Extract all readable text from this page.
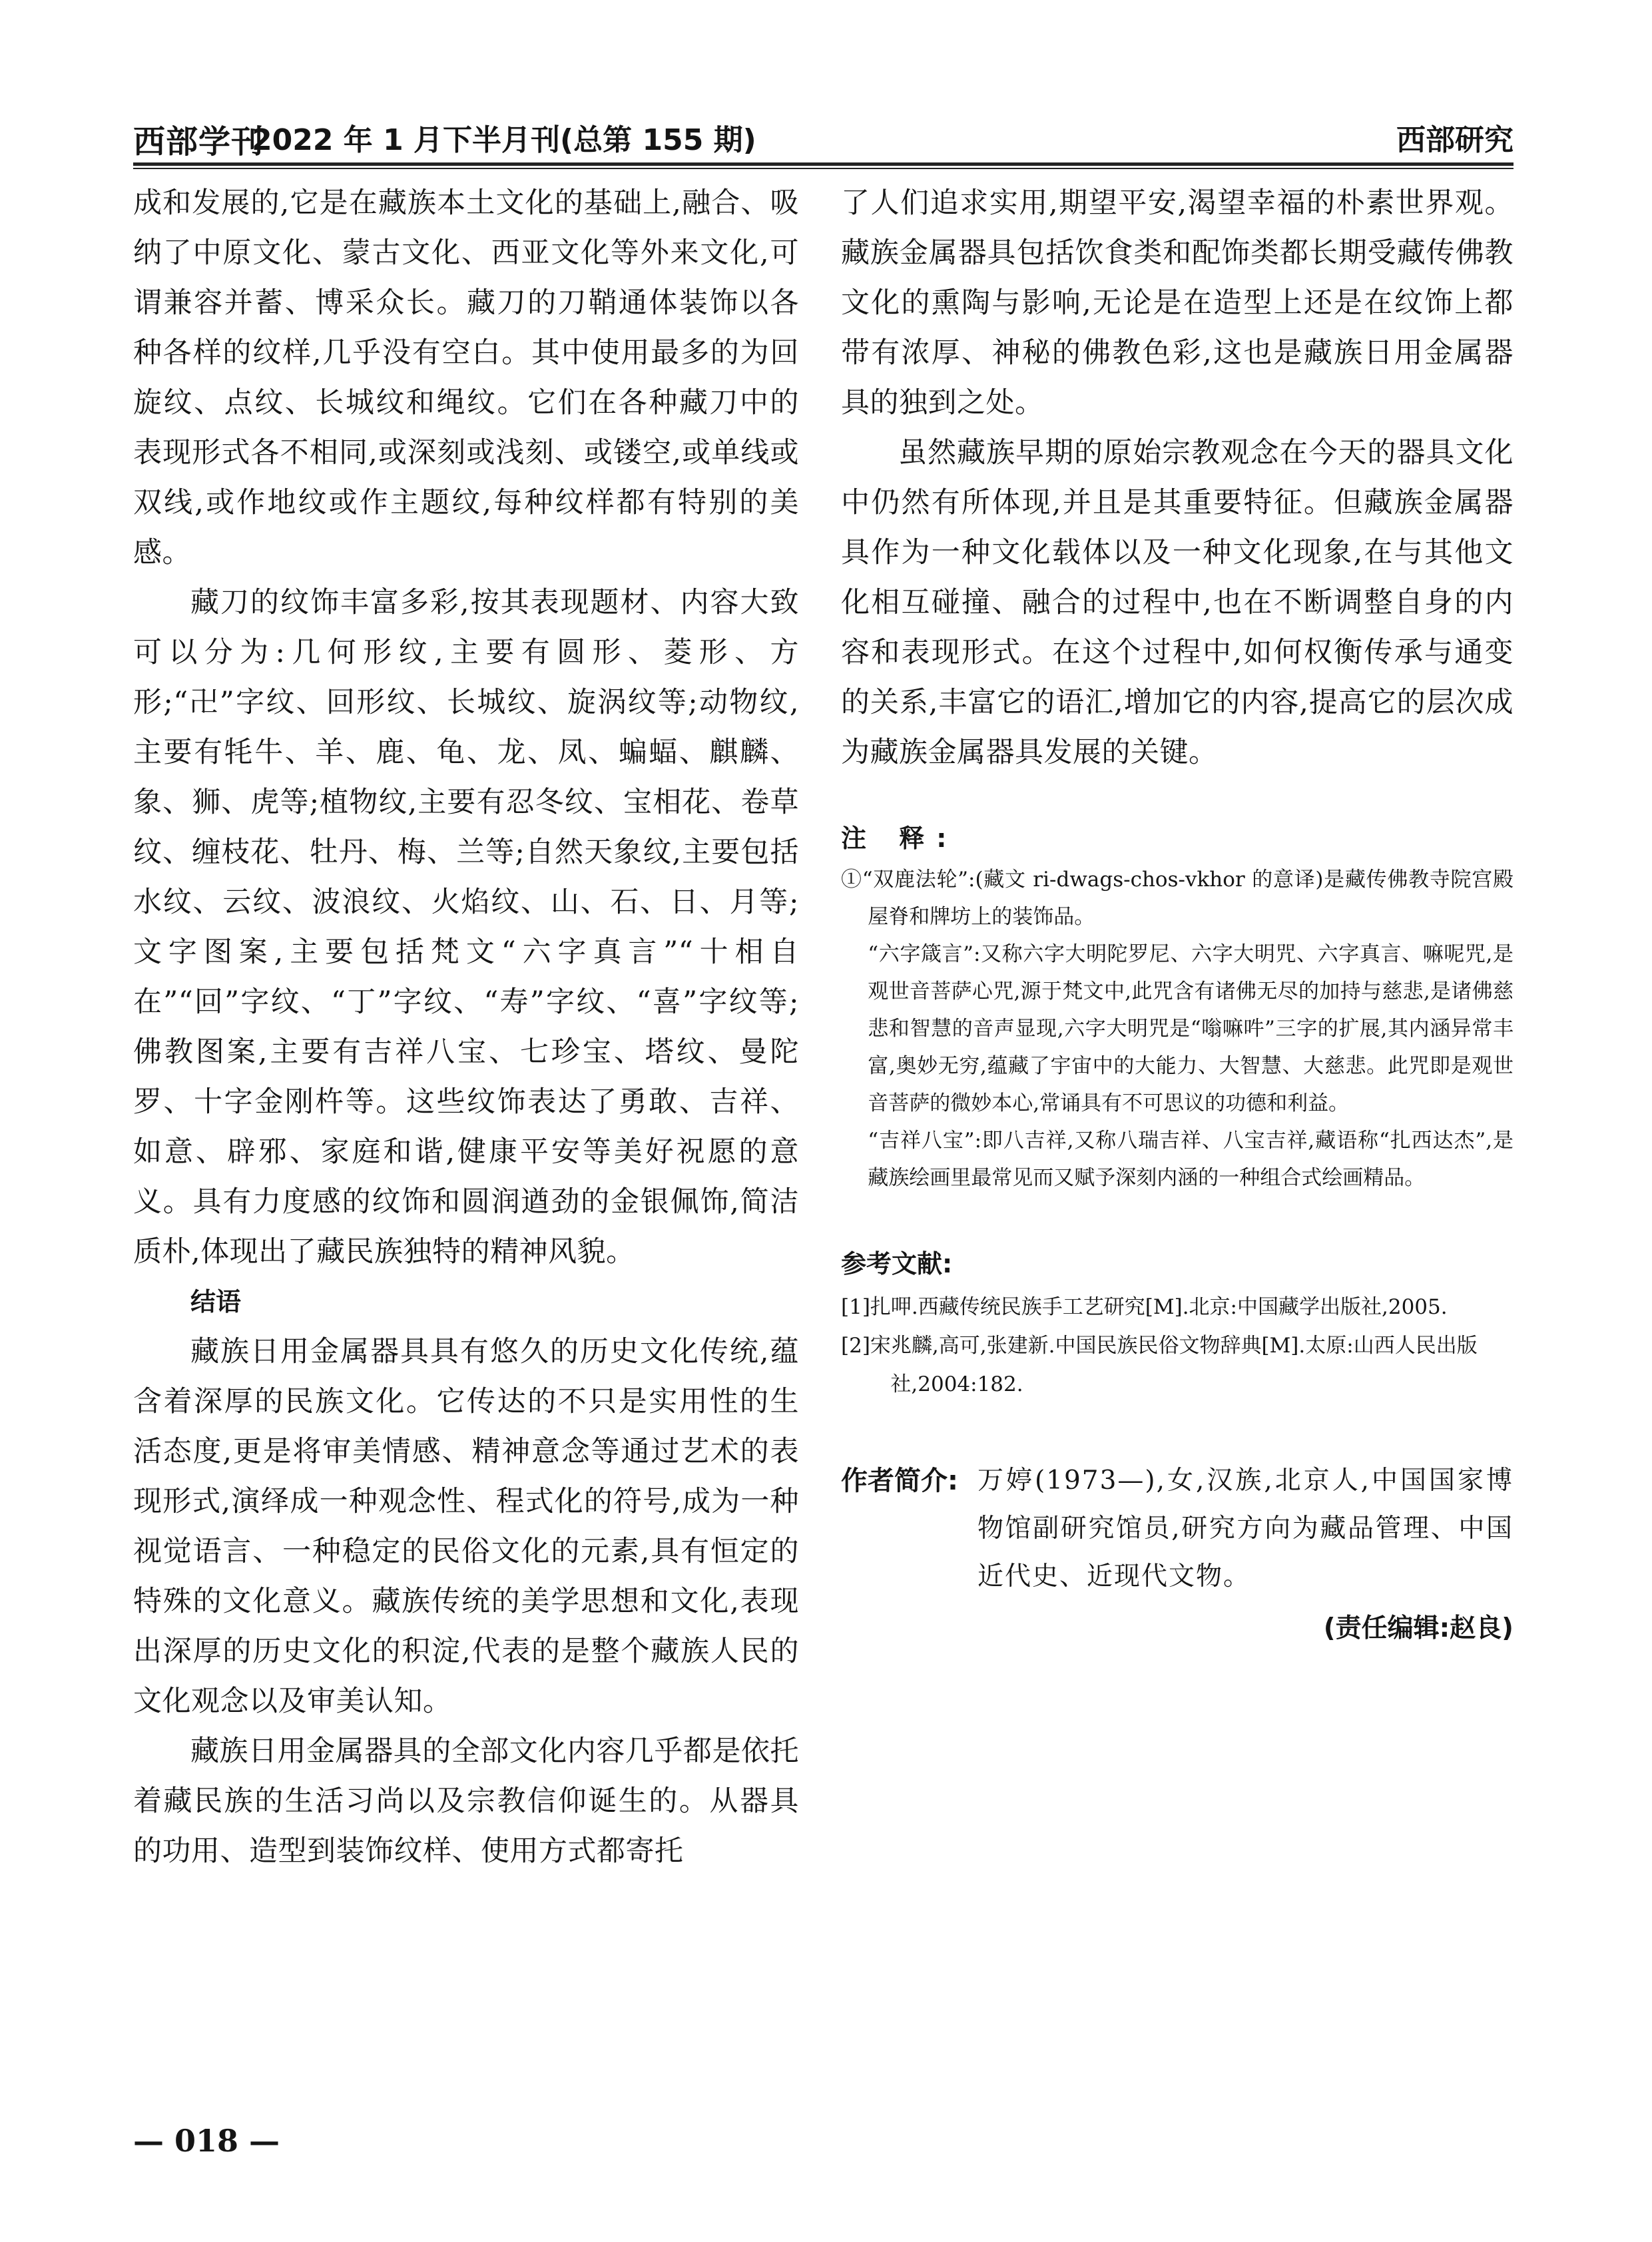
西部学刊
2022 年 1 月下半月刊(总第 155 期)	西部研究

成和发展的,它是在藏族本土文化的基础上,融合、吸纳了中原文化、蒙古文化、西亚文化等外来文化,可谓兼容并蓄、博采众长。藏刀的刀鞘通体装饰以各种各样的纹样,几乎没有空白。其中使用最多的为回旋纹、点纹、长城纹和绳纹。它们在各种藏刀中的表现形式各不相同,或深刻或浅刻、或镂空,或单线或双线,或作地纹或作主题纹,每种纹样都有特别的美感。

藏刀的纹饰丰富多彩,按其表现题材、内容大致可以分为:几何形纹,主要有圆形、菱形、方形;“卍”字纹、回形纹、长城纹、旋涡纹等;动物纹,主要有牦牛、羊、鹿、龟、龙、凤、蝙蝠、麒麟、象、狮、虎等;植物纹,主要有忍冬纹、宝相花、卷草纹、缠枝花、牡丹、梅、兰等;自然天象纹,主要包括水纹、云纹、波浪纹、火焰纹、山、石、日、月等;文字图案,主要包括梵文“六字真言”“十相自在”“回”字纹、“丁”字纹、“寿”字纹、“喜”字纹等;佛教图案,主要有吉祥八宝、七珍宝、塔纹、曼陀罗、十字金刚杵等。这些纹饰表达了勇敢、吉祥、如意、辟邪、家庭和谐,健康平安等美好祝愿的意义。具有力度感的纹饰和圆润遒劲的金银佩饰,简洁质朴,体现出了藏民族独特的精神风貌。

结语

藏族日用金属器具具有悠久的历史文化传统,蕴含着深厚的民族文化。它传达的不只是实用性的生活态度,更是将审美情感、精神意念等通过艺术的表现形式,演绎成一种观念性、程式化的符号,成为一种视觉语言、一种稳定的民俗文化的元素,具有恒定的特殊的文化意义。藏族传统的美学思想和文化,表现出深厚的历史文化的积淀,代表的是整个藏族人民的文化观念以及审美认知。

藏族日用金属器具的全部文化内容几乎都是依托着藏民族的生活习尚以及宗教信仰诞生的。从器具的功用、造型到装饰纹样、使用方式都寄托

了人们追求实用,期望平安,渴望幸福的朴素世界观。藏族金属器具包括饮食类和配饰类都长期受藏传佛教文化的熏陶与影响,无论是在造型上还是在纹饰上都带有浓厚、神秘的佛教色彩,这也是藏族日用金属器具的独到之处。

虽然藏族早期的原始宗教观念在今天的器具文化中仍然有所体现,并且是其重要特征。但藏族金属器具作为一种文化载体以及一种文化现象,在与其他文化相互碰撞、融合的过程中,也在不断调整自身的内容和表现形式。在这个过程中,如何权衡传承与通变的关系,丰富它的语汇,增加它的内容,提高它的层次成为藏族金属器具发展的关键。

注 释:

①“双鹿法轮”:(藏文 ri-dwags-chos-vkhor 的意译)是藏传佛教寺院宫殿屋脊和牌坊上的装饰品。

“六字箴言”:又称六字大明陀罗尼、六字大明咒、六字真言、嘛呢咒,是观世音菩萨心咒,源于梵文中,此咒含有诸佛无尽的加持与慈悲,是诸佛慈悲和智慧的音声显现,六字大明咒是“嗡嘛吽”三字的扩展,其内涵异常丰富,奥妙无穷,蕴藏了宇宙中的大能力、大智慧、大慈悲。此咒即是观世音菩萨的微妙本心,常诵具有不可思议的功德和利益。

“吉祥八宝”:即八吉祥,又称八瑞吉祥、八宝吉祥,藏语称“扎西达杰”,是藏族绘画里最常见而又赋予深刻内涵的一种组合式绘画精品。

参考文献:

[1]扎呷.西藏传统民族手工艺研究[M].北京:中国藏学出版社,2005.

[2]宋兆麟,高可,张建新.中国民族民俗文物辞典[M].太原:山西人民出版社,2004:182.

作者简介: 万婷(1973—),女,汉族,北京人,中国国家博物馆副研究馆员,研究方向为藏品管理、中国近代史、近现代文物。
(责任编辑:赵良)
— 018 —
